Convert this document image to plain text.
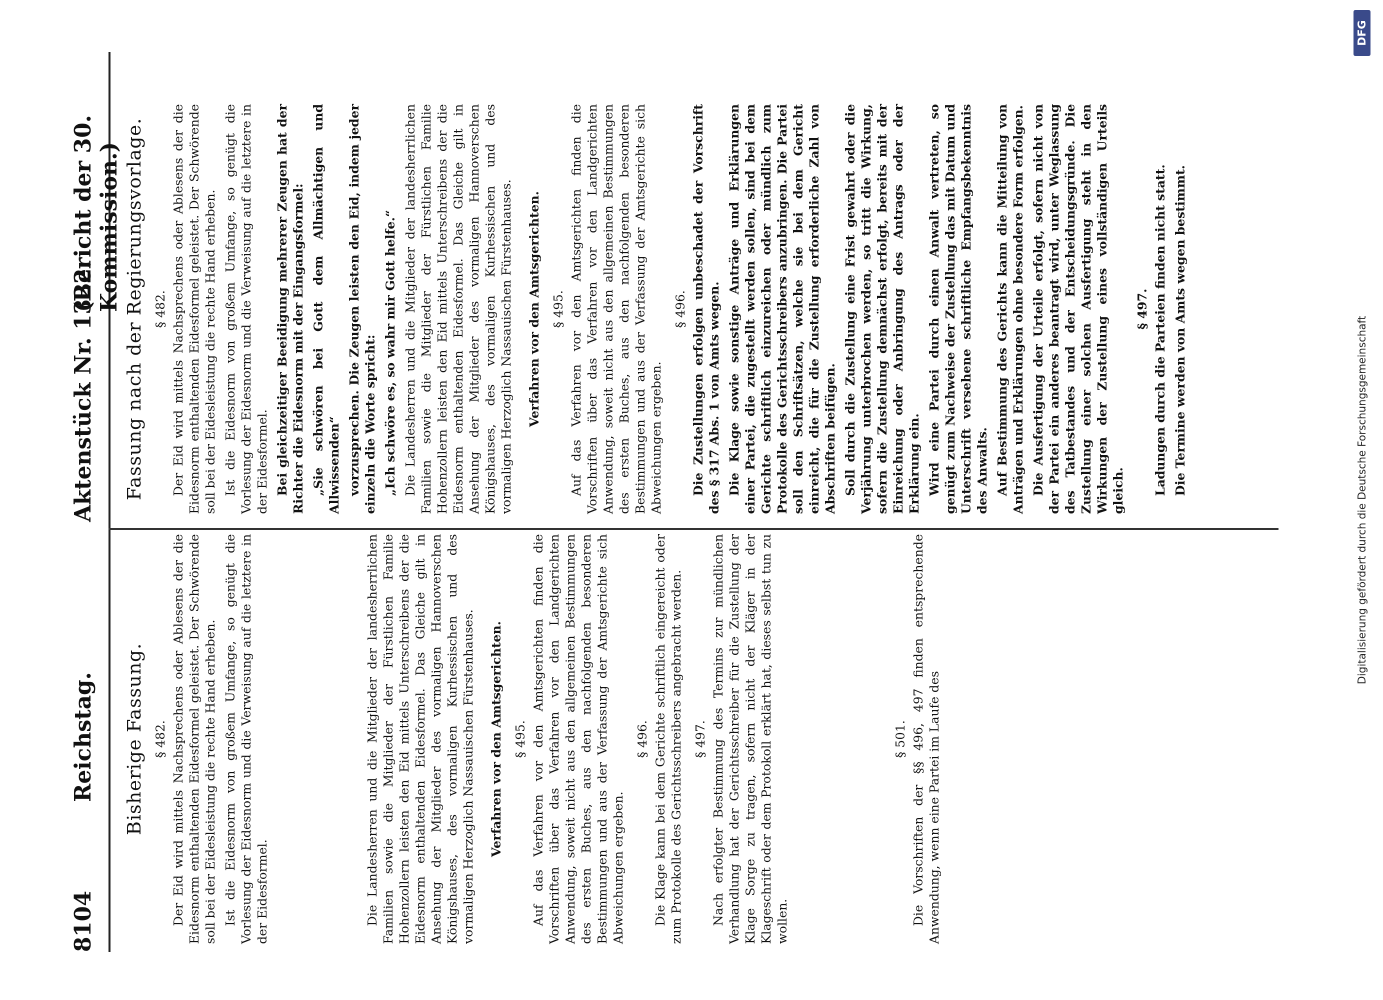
8104
Reichstag.
Aktenstück Nr. 1322.
(Bericht der 30. Kommission.)
Bisherige Fassung. § 482. Der Eid wird mittels Nachsprechens oder Ablesens der die Eidesnorm enthaltenden Eidesformel geleistet. Der Schwörende soll bei der Eidesleistung die rechte Hand erheben. Ist die Eidesnorm von großem Umfange, so genügt die Vorlesung der Eidesnorm und die Verweisung auf die letztere in der Eidesformel.	Die Landesherren und die Mitglieder der landesherrlichen Familien sowie die Mitglieder der Fürstlichen Familie Hohenzollern leisten den Eid mittels Unterschreibens der die Eidesnorm enthaltenden Eidesformel. Das Gleiche gilt in Ansehung der Mitglieder des vormaligen Hannoverschen Königshauses, des vormaligen Kurhessischen und des vormaligen Herzoglich Nassauischen Fürstenhauses. Verfahren vor den Amtsgerichten. § 495. Auf das Verfahren vor den Amtsgerichten finden die Vorschriften über das Verfahren vor den Landgerichten Anwendung, soweit nicht aus den allgemeinen Bestimmungen des ersten Buches, aus den nachfolgenden besonderen Bestimmungen und aus der Verfassung der Amtsgerichte sich Abweichungen ergeben.

§ 496. Die Klage kann bei dem Gerichte schriftlich eingereicht oder zum Protokolle des Gerichtsschreibers angebracht werden. § 497. Nach erfolgter Bestimmung des Termins zur mündlichen Verhandlung hat der Gerichtsschreiber für die Zustellung der Klage Sorge zu tragen, sofern nicht der Kläger in der Klageschrift oder dem Protokoll erklärt hat, dieses selbst tun zu wollen.

§ 501. Die Vorschriften der §§ 496, 497 finden entsprechende Anwendung, wenn eine Partei im Laufe des

Fassung nach der Regierungsvorlage. § 482. Der Eid wird mittels Nachsprechens oder Ablesens der die Eidesnorm enthaltenden Eidesformel geleistet. Der Schwörende soll bei der Eidesleistung die rechte Hand erheben. Ist die Eidesnorm von großem Umfange, so genügt die Vorlesung der Eidesnorm und die Verweisung auf die letztere in der Eidesformel. Bei gleichzeitiger Beeidigung mehrerer Zeugen hat der Richter die Eidesnorm mit der Eingangsformel: „Sie schwören bei Gott dem Allmächtigen und Allwissenden“ vorzusprechen. Die Zeugen leisten den Eid, indem jeder einzeln die Worte spricht: „Ich schwöre es, so wahr mir Gott helfe.“ Die Landesherren und die Mitglieder der landesherrlichen Familien sowie die Mitglieder der Fürstlichen Familie Hohenzollern leisten den Eid mittels Unterschreibens der die Eidesnorm enthaltenden Eidesformel. Das Gleiche gilt in Ansehung der Mitglieder des vormaligen Hannoverschen Königshauses, des vormaligen Kurhessischen und des vormaligen Herzoglich Nassauischen Fürstenhauses. Verfahren vor den Amtsgerichten. § 495. Auf das Verfahren vor den Amtsgerichten finden die Vorschriften über das Verfahren vor den Landgerichten Anwendung, soweit nicht aus den allgemeinen Bestimmungen des ersten Buches, aus den nachfolgenden besonderen Bestimmungen und aus der Verfassung der Amtsgerichte sich Abweichungen ergeben.

§ 496. Die Zustellungen erfolgen unbeschadet der Vorschrift des § 317 Abs. 1 von Amts wegen. Die Klage sowie sonstige Anträge und Erklärungen einer Partei, die zugestellt werden sollen, sind bei dem Gerichte schriftlich einzureichen oder mündlich zum Protokolle des Gerichtsschreibers anzubringen. Die Partei soll den Schriftsätzen, welche sie bei dem Gericht einreicht, die für die Zustellung erforderliche Zahl von Abschriften beifügen. Soll durch die Zustellung eine Frist gewahrt oder die Verjährung unterbrochen werden, so tritt die Wirkung, sofern die Zustellung demnächst erfolgt, bereits mit der Einreichung oder Anbringung des Antrags oder der Erklärung ein. Wird eine Partei durch einen Anwalt vertreten, so genügt zum Nachweise der Zustellung das mit Datum und Unterschrift versehene schriftliche Empfangsbekenntnis des Anwalts. Auf Bestimmung des Gerichts kann die Mitteilung von Anträgen und Erklärungen ohne besondere Form erfolgen. Die Ausfertigung der Urteile erfolgt, sofern nicht von der Partei ein anderes beantragt wird, unter Weglassung des Tatbestandes und der Entscheidungsgründe. Die Zustellung einer solchen Ausfertigung steht in den Wirkungen der Zustellung eines vollständigen Urteils gleich.

§ 497. Ladungen durch die Parteien finden nicht statt. Die Termine werden von Amts wegen bestimmt.	Digitalisierung gefördert durch die Deutsche Forschungsgemeinschaft
DFG
